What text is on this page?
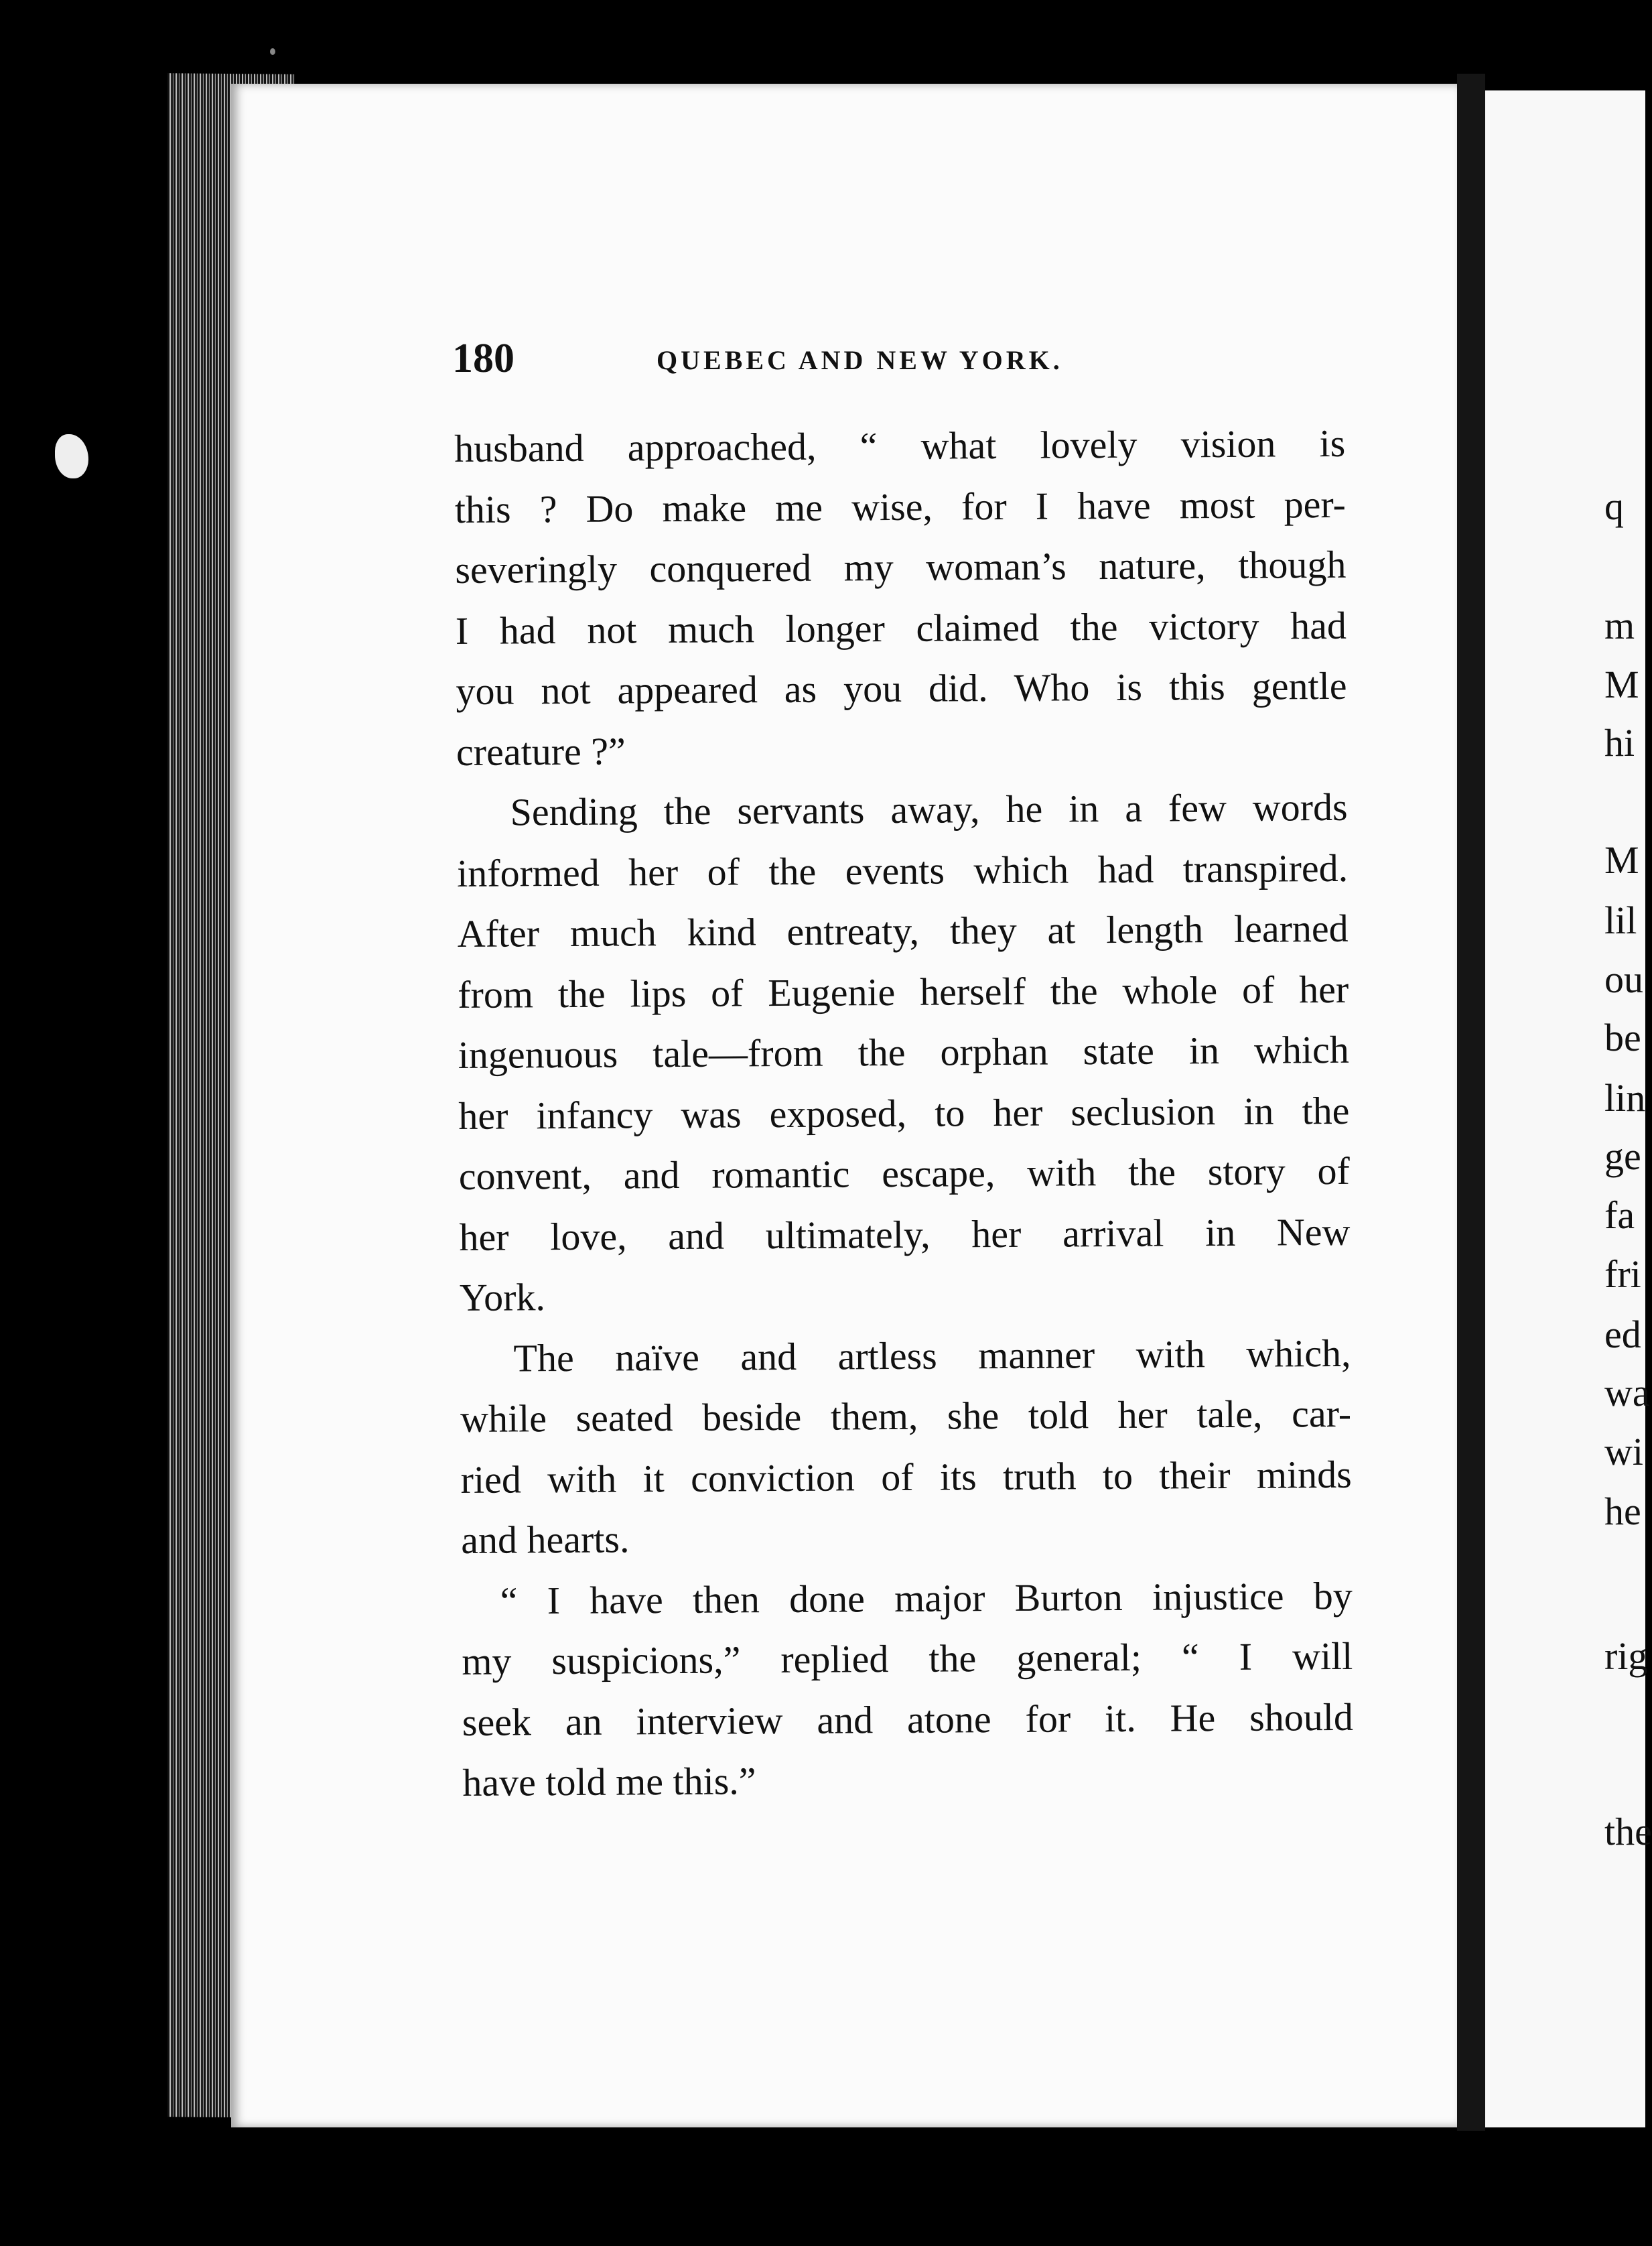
180	QUEBEC AND NEW YORK.
husband approached, “ what lovely vision is
this ? Do make me wise, for I have most per-
severingly conquered my woman’s nature, though
I had not much longer claimed the victory had
you not appeared as you did. Who is this gentle
creature ?”
Sending the servants away, he in a few words
informed her of the events which had transpired.
After much kind entreaty, they at length learned
from the lips of Eugenie herself the whole of her
ingenuous tale—from the orphan state in which
her infancy was exposed, to her seclusion in the
convent, and romantic escape, with the story of
her love, and ultimately, her arrival in New
York.
The naïve and artless manner with which,
while seated beside them, she told her tale, car-
ried with it conviction of its truth to their minds
and hearts.
“ I have then done major Burton injustice by
my suspicions,” replied the general; “ I will
seek an interview and atone for it. He should
have told me this.”
q
m
M
hi
M
lil
ou
be
lin
ge
fa
fri
ed
wa
wi
he
rig
the
